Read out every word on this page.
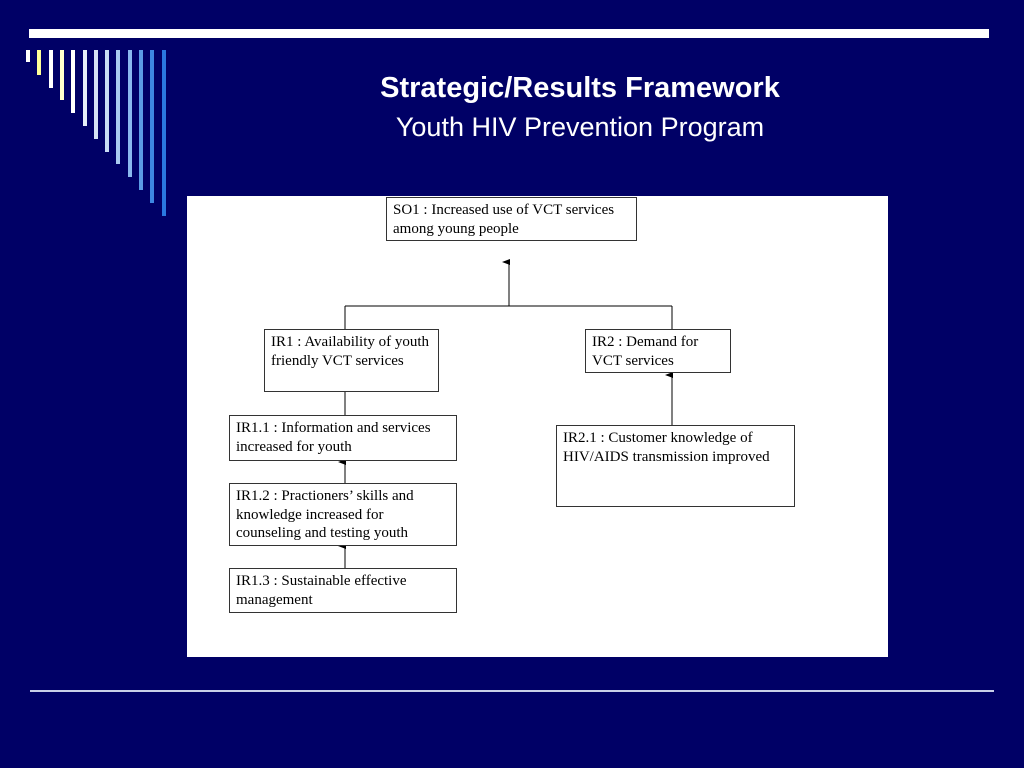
Strategic/Results Framework
Youth HIV Prevention Program
SO1 : Increased use of VCT services among young people
IR1 : Availability of youth friendly VCT services
IR2 : Demand for VCT services
IR1.1 : Information and services increased for youth
IR1.2 : Practioners’ skills and knowledge increased for counseling and testing youth
IR1.3 : Sustainable effective management
IR2.1 : Customer knowledge of HIV/AIDS transmission improved
